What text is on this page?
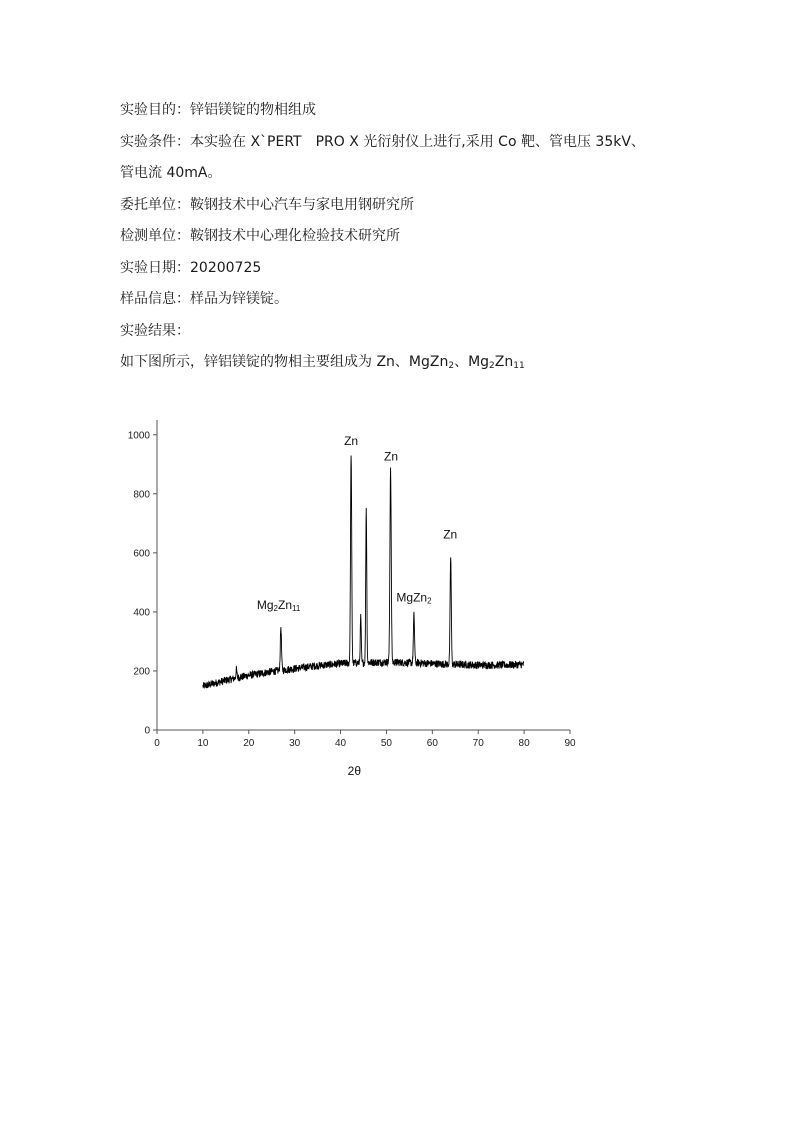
实验目的：锌铝镁锭的物相组成
实验条件：本实验在 X`PERT　PRO X 光衍射仪上进行,采用 Co 靶、管电压 35kV、
管电流 40mA。
委托单位：鞍钢技术中心汽车与家电用钢研究所
检测单位：鞍钢技术中心理化检验技术研究所
实验日期：20200725
样品信息：样品为锌镁锭。
实验结果：
如下图所示，锌铝镁锭的物相主要组成为 Zn、MgZn$_2$、$Mg_2Zn_{11}$
0
200
400
600
800
1000
0	10	20	30	40	50	60	70	80	90
2θ
Zn
Zn
Zn
MgZn2
Mg2Zn11
